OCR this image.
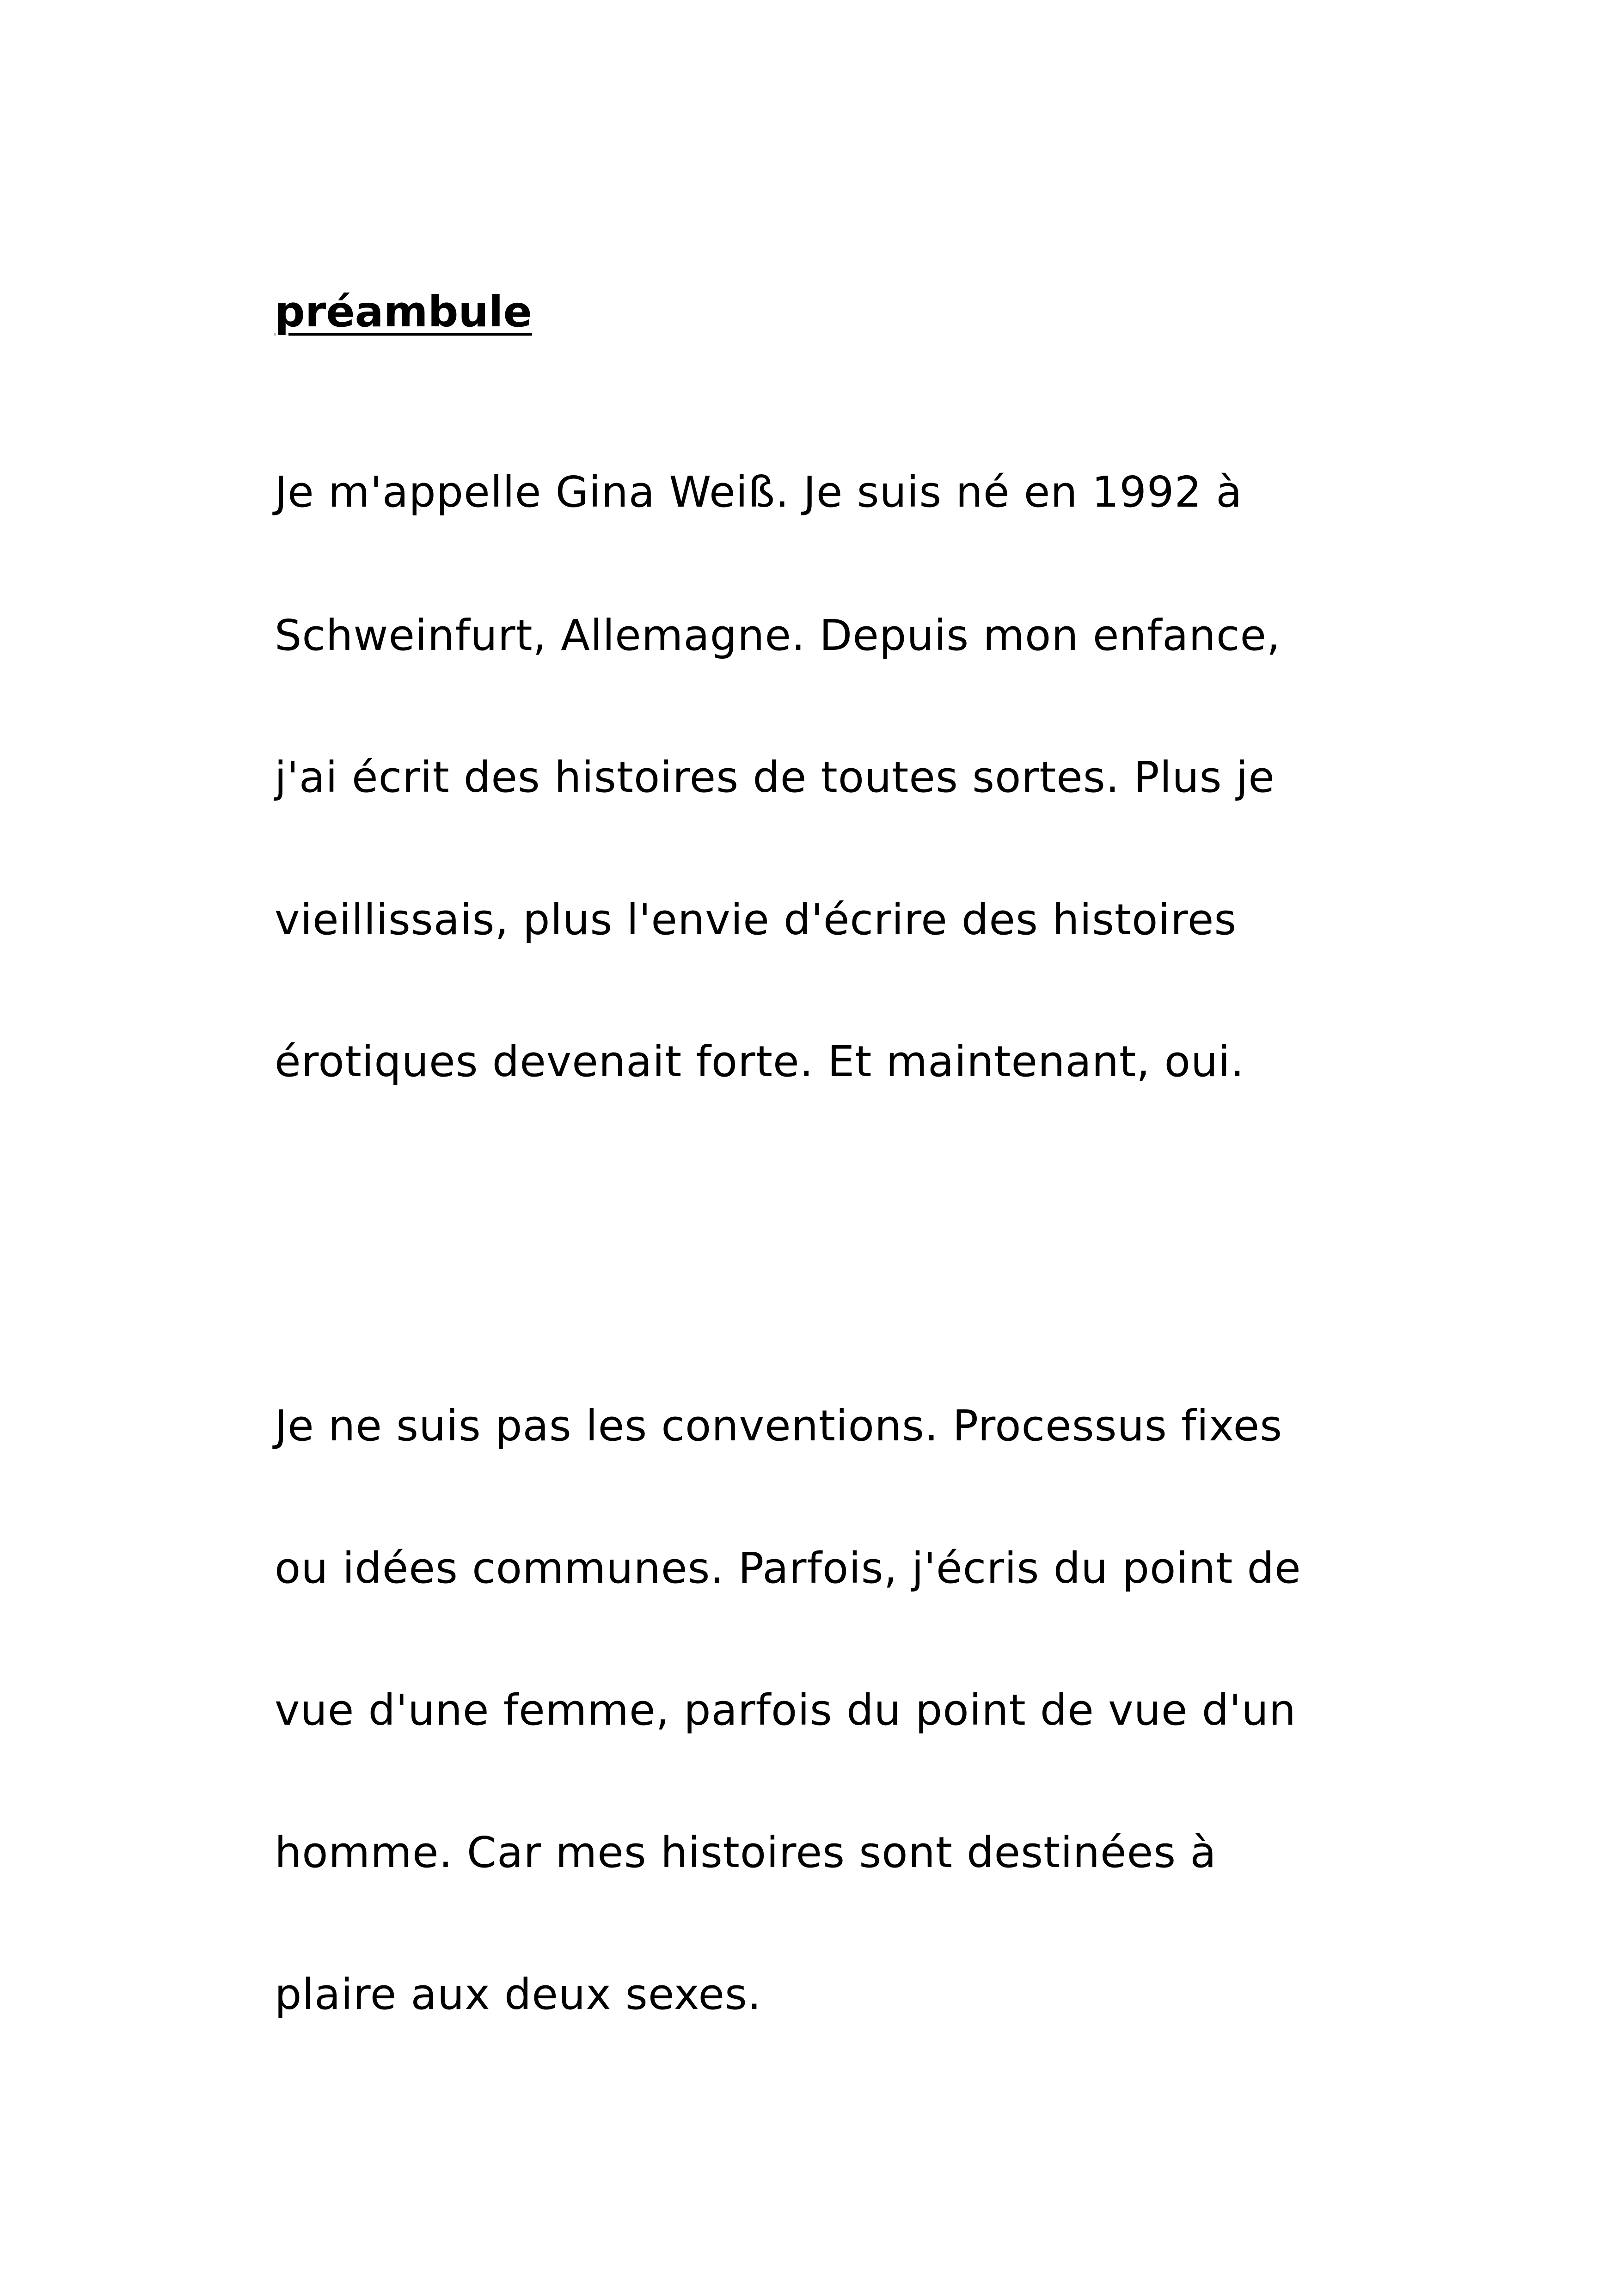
préambule

Je m'appelle Gina Weiß. Je suis né en 1992 à

Schweinfurt, Allemagne. Depuis mon enfance,

j'ai écrit des histoires de toutes sortes. Plus je

vieillissais, plus l'envie d'écrire des histoires

érotiques devenait forte. Et maintenant, oui.

Je ne suis pas les conventions. Processus fixes

ou idées communes. Parfois, j'écris du point de

vue d'une femme, parfois du point de vue d'un

homme. Car mes histoires sont destinées à

plaire aux deux sexes.
